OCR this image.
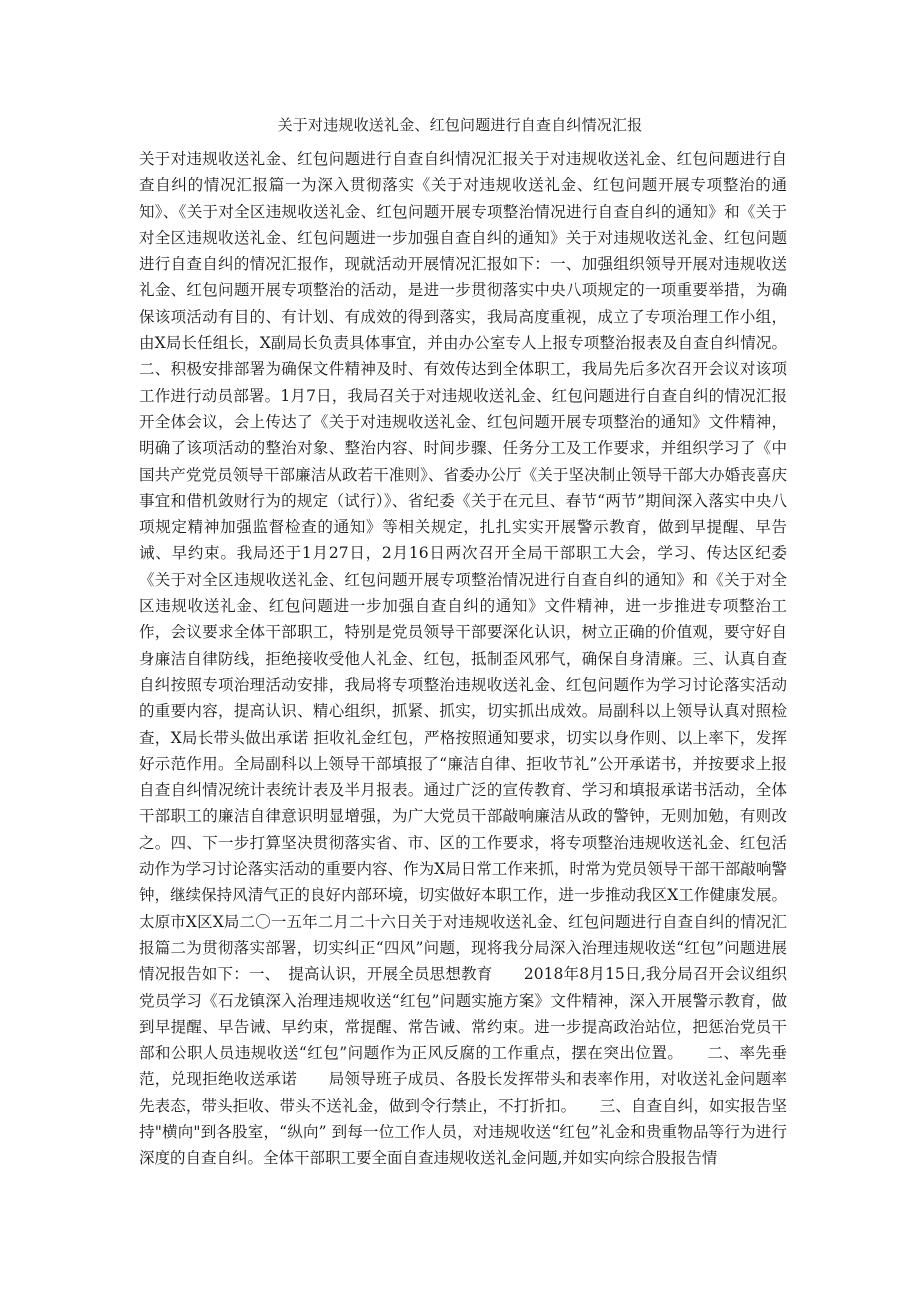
关于对违规收送礼金、红包问题进行自查自纠情况汇报
关于对违规收送礼金、红包问题进行自查自纠情况汇报关于对违规收送礼金、红包问题进行自查自纠的情况汇报篇一为深入贯彻落实《关于对违规收送礼金、红包问题开展专项整治的通知》、《关于对全区违规收送礼金、红包问题开展专项整治情况进行自查自纠的通知》和《关于对全区违规收送礼金、红包问题进一步加强自查自纠的通知》关于对违规收送礼金、红包问题进行自查自纠的情况汇报作，现就活动开展情况汇报如下：一、加强组织领导开展对违规收送礼金、红包问题开展专项整治的活动，是进一步贯彻落实中央八项规定的一项重要举措，为确保该项活动有目的、有计划、有成效的得到落实，我局高度重视，成立了专项治理工作小组，由X局长任组长，X副局长负责具体事宜，并由办公室专人上报专项整治报表及自查自纠情况。二、积极安排部署为确保文件精神及时、有效传达到全体职工，我局先后多次召开会议对该项工作进行动员部署。1月7日，我局召关于对违规收送礼金、红包问题进行自查自纠的情况汇报开全体会议，会上传达了《关于对违规收送礼金、红包问题开展专项整治的通知》文件精神，明确了该项活动的整治对象、整治内容、时间步骤、任务分工及工作要求，并组织学习了《中国共产党党员领导干部廉洁从政若干准则》、省委办公厅《关于坚决制止领导干部大办婚丧喜庆事宜和借机敛财行为的规定（试行）》、省纪委《关于在元旦、春节“两节”期间深入落实中央八项规定精神加强监督检查的通知》等相关规定，扎扎实实开展警示教育，做到早提醒、早告诫、早约束。我局还于1月27日，2月16日两次召开全局干部职工大会，学习、传达区纪委《关于对全区违规收送礼金、红包问题开展专项整治情况进行自查自纠的通知》和《关于对全区违规收送礼金、红包问题进一步加强自查自纠的通知》文件精神，进一步推进专项整治工作，会议要求全体干部职工，特别是党员领导干部要深化认识，树立正确的价值观，要守好自身廉洁自律防线，拒绝接收受他人礼金、红包，抵制歪风邪气，确保自身清廉。三、认真自查自纠按照专项治理活动安排，我局将专项整治违规收送礼金、红包问题作为学习讨论落实活动的重要内容，提高认识、精心组织，抓紧、抓实，切实抓出成效。局副科以上领导认真对照检查，X局长带头做出承诺 拒收礼金红包，严格按照通知要求，切实以身作则、以上率下，发挥好示范作用。全局副科以上领导干部填报了“廉洁自律、拒收节礼”公开承诺书，并按要求上报自查自纠情况统计表统计表及半月报表。通过广泛的宣传教育、学习和填报承诺书活动，全体干部职工的廉洁自律意识明显增强，为广大党员干部敲响廉洁从政的警钟，无则加勉，有则改之。四、下一步打算坚决贯彻落实省、市、区的工作要求，将专项整治违规收送礼金、红包活动作为学习讨论落实活动的重要内容、作为X局日常工作来抓，时常为党员领导干部干部敲响警钟，继续保持风清气正的良好内部环境，切实做好本职工作，进一步推动我区X工作健康发展。太原市X区X局二〇一五年二月二十六日关于对违规收送礼金、红包问题进行自查自纠的情况汇报篇二为贯彻落实部署，切实纠正“四风”问题，现将我分局深入治理违规收送“红包”问题进展情况报告如下：一、　提高认识，开展全员思想教育　　2018年8月15日,我分局召开会议组织党员学习《石龙镇深入治理违规收送“红包”问题实施方案》文件精神，深入开展警示教育，做到早提醒、早告诫、早约束，常提醒、常告诫、常约束。进一步提高政治站位，把惩治党员干部和公职人员违规收送“红包”问题作为正风反腐的工作重点，摆在突出位置。　　二、率先垂范，兑现拒绝收送承诺　　局领导班子成员、各股长发挥带头和表率作用，对收送礼金问题率先表态，带头拒收、带头不送礼金，做到令行禁止，不打折扣。　　三、自查自纠，如实报告坚持"横向"到各股室，“纵向” 到每一位工作人员，对违规收送“红包”礼金和贵重物品等行为进行深度的自查自纠。全体干部职工要全面自查违规收送礼金问题,并如实向综合股报告情
